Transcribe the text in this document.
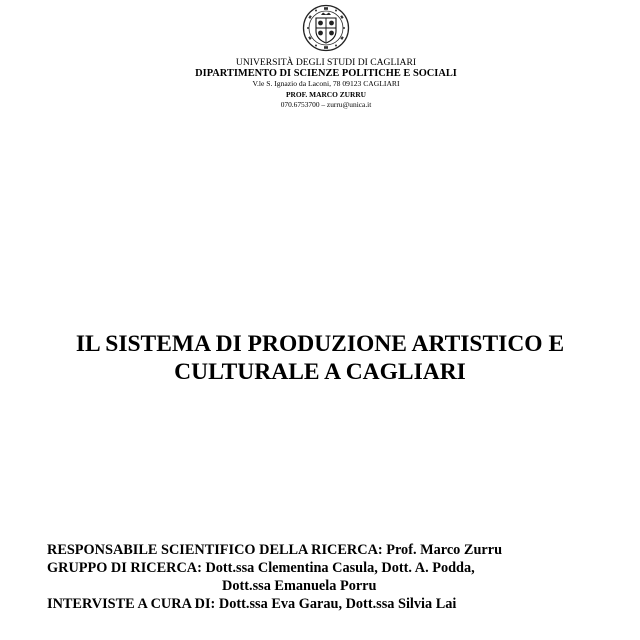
UNIVERSITÀ DEGLI STUDI DI CAGLIARI
DIPARTIMENTO DI SCIENZE POLITICHE E SOCIALI
V.le S. Ignazio da Laconi, 78 09123 CAGLIARI
PROF. MARCO ZURRU
070.6753700 – zurru@unica.it
IL SISTEMA DI PRODUZIONE ARTISTICO E
CULTURALE A CAGLIARI
RESPONSABILE SCIENTIFICO DELLA RICERCA: Prof. Marco Zurru
GRUPPO DI RICERCA: Dott.ssa Clementina Casula, Dott. A. Podda,
Dott.ssa Emanuela Porru
INTERVISTE A CURA DI: Dott.ssa Eva Garau, Dott.ssa Silvia Lai
